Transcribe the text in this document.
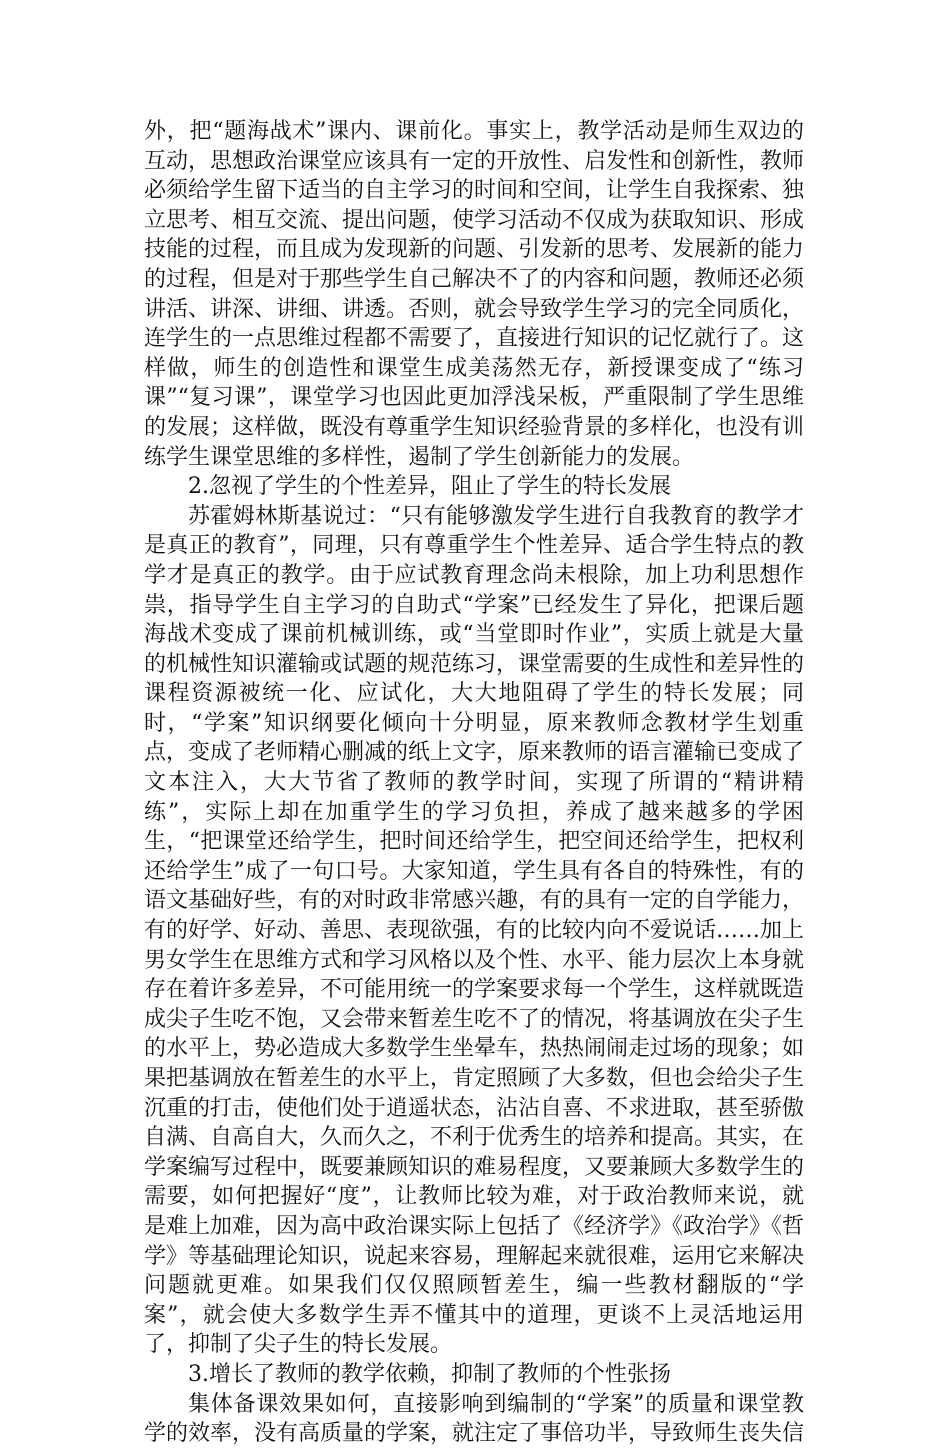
外，把“题海战术”课内、课前化。事实上，教学活动是师生双边的互动，思想政治课堂应该具有一定的开放性、启发性和创新性，教师必须给学生留下适当的自主学习的时间和空间，让学生自我探索、独立思考、相互交流、提出问题，使学习活动不仅成为获取知识、形成技能的过程，而且成为发现新的问题、引发新的思考、发展新的能力的过程，但是对于那些学生自己解决不了的内容和问题，教师还必须讲活、讲深、讲细、讲透。否则，就会导致学生学习的完全同质化，连学生的一点思维过程都不需要了，直接进行知识的记忆就行了。这样做，师生的创造性和课堂生成美荡然无存，新授课变成了“练习课”“复习课”，课堂学习也因此更加浮浅呆板，严重限制了学生思维的发展；这样做，既没有尊重学生知识经验背景的多样化，也没有训练学生课堂思维的多样性，遏制了学生创新能力的发展。

2.忽视了学生的个性差异，阻止了学生的特长发展

苏霍姆林斯基说过：“只有能够激发学生进行自我教育的教学才是真正的教育”，同理，只有尊重学生个性差异、适合学生特点的教学才是真正的教学。由于应试教育理念尚未根除，加上功利思想作祟，指导学生自主学习的自助式“学案”已经发生了异化，把课后题海战术变成了课前机械训练，或“当堂即时作业”，实质上就是大量的机械性知识灌输或试题的规范练习，课堂需要的生成性和差异性的课程资源被统一化、应试化，大大地阻碍了学生的特长发展；同时，“学案”知识纲要化倾向十分明显，原来教师念教材学生划重点，变成了老师精心删减的纸上文字，原来教师的语言灌输已变成了文本注入，大大节省了教师的教学时间，实现了所谓的“精讲精练”，实际上却在加重学生的学习负担，养成了越来越多的学困生，“把课堂还给学生，把时间还给学生，把空间还给学生，把权利还给学生”成了一句口号。大家知道，学生具有各自的特殊性，有的语文基础好些，有的对时政非常感兴趣，有的具有一定的自学能力，有的好学、好动、善思、表现欲强，有的比较内向不爱说话……加上男女学生在思维方式和学习风格以及个性、水平、能力层次上本身就存在着许多差异，不可能用统一的学案要求每一个学生，这样就既造成尖子生吃不饱，又会带来暂差生吃不了的情况，将基调放在尖子生的水平上，势必造成大多数学生坐晕车，热热闹闹走过场的现象；如果把基调放在暂差生的水平上，肯定照顾了大多数，但也会给尖子生沉重的打击，使他们处于逍遥状态，沾沾自喜、不求进取，甚至骄傲自满、自高自大，久而久之，不利于优秀生的培养和提高。其实，在学案编写过程中，既要兼顾知识的难易程度，又要兼顾大多数学生的需要，如何把握好“度”，让教师比较为难，对于政治教师来说，就是难上加难，因为高中政治课实际上包括了《经济学》《政治学》《哲学》等基础理论知识，说起来容易，理解起来就很难，运用它来解决问题就更难。如果我们仅仅照顾暂差生，编一些教材翻版的“学案”，就会使大多数学生弄不懂其中的道理，更谈不上灵活地运用了，抑制了尖子生的特长发展。

3.增长了教师的教学依赖，抑制了教师的个性张扬

集体备课效果如何，直接影响到编制的“学案”的质量和课堂教学的效率，没有高质量的学案，就注定了事倍功半，导致师生丧失信
